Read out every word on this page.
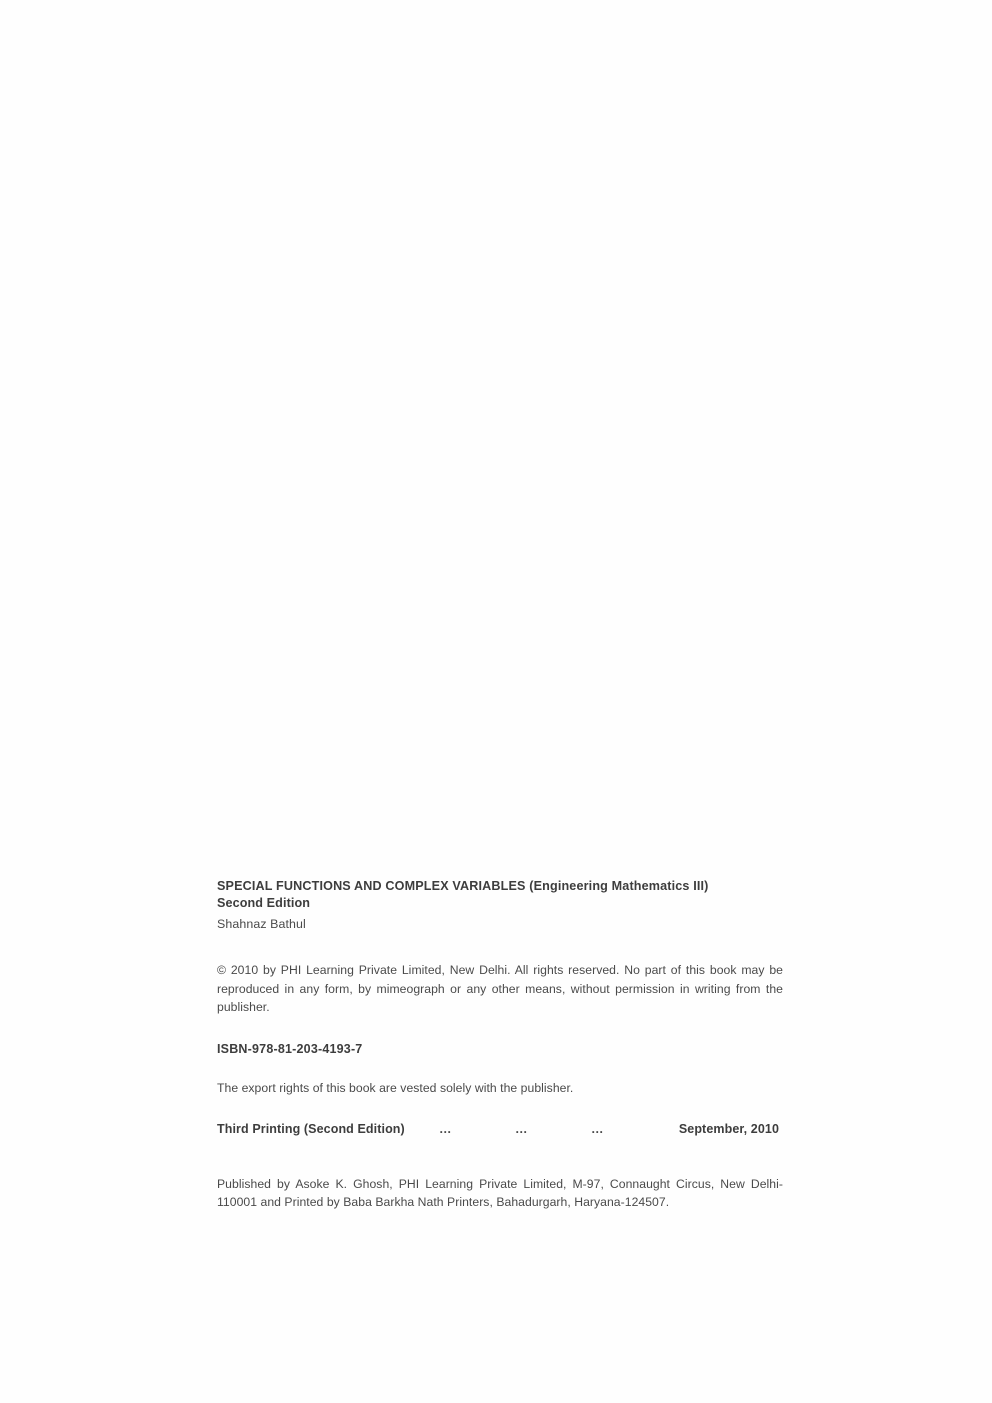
SPECIAL FUNCTIONS AND COMPLEX VARIABLES (Engineering Mathematics III)
Second Edition
Shahnaz Bathul
© 2010 by PHI Learning Private Limited, New Delhi. All rights reserved. No part of this book may be reproduced in any form, by mimeograph or any other means, without permission in writing from the publisher.
ISBN-978-81-203-4193-7
The export rights of this book are vested solely with the publisher.
Third Printing (Second Edition)	…	…	…	September, 2010
Published by Asoke K. Ghosh, PHI Learning Private Limited, M-97, Connaught Circus, New Delhi-110001 and Printed by Baba Barkha Nath Printers, Bahadurgarh, Haryana-124507.
